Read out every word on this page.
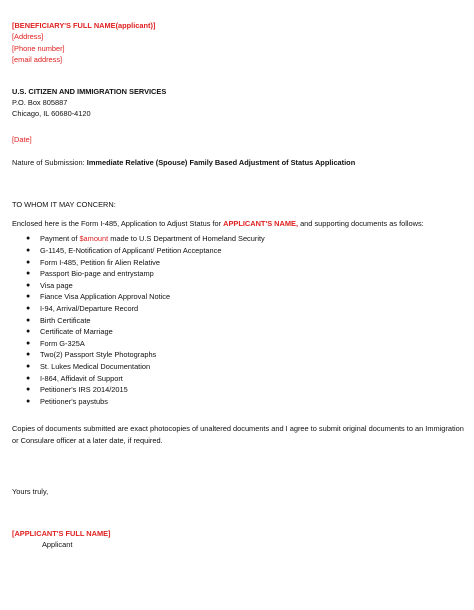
[BENEFICIARY'S FULL NAME(applicant)]
[Address]
[Phone number]
[email address]
U.S. CITIZEN AND IMMIGRATION SERVICES
P.O. Box 805887
Chicago, IL 60680-4120
[Date]
Nature of Submission: Immediate Relative (Spouse) Family Based Adjustment of Status Application
TO WHOM IT MAY CONCERN:
Enclosed here is the Form I-485, Application to Adjust Status for APPLICANT'S NAME, and supporting documents as follows:
● Payment of $amount made to U.S Department of Homeland Security
● G-1145, E-Notification of Applicant/ Petition Acceptance
● Form I-485, Petition fir Alien Relative
● Passport Bio-page and entrystamp
● Visa page
● Fiance Visa Application Approval Notice
● I-94, Arrival/Departure Record
● Birth Certificate
● Certificate of Marriage
● Form G-325A
● Two(2) Passport Style Photographs
● St. Lukes Medical Documentation
● I-864, Affidavit of Support
● Petitioner's IRS 2014/2015
● Petitioner's paystubs
Copies of documents submitted are exact photocopies of unaltered documents and I agree to submit original documents to an Immigration or Consulare officer at a later date, if required.
Yours truly,
[APPLICANT'S FULL NAME]
Applicant
